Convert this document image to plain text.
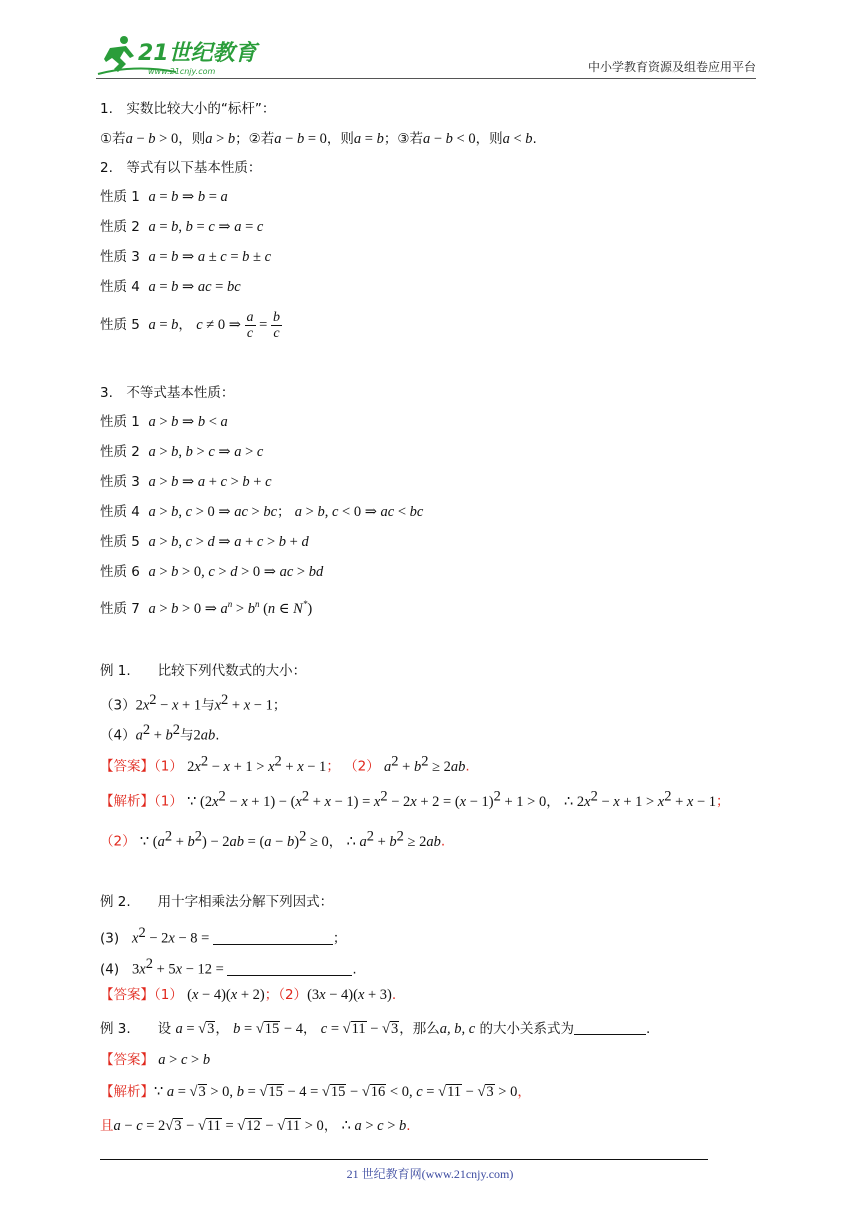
21世纪教育
www.21cnjy.com	中小学教育资源及组卷应用平台
1.　实数比较大小的“标杆”：
①若a − b > 0，则a > b；②若a − b = 0，则a = b；③若a − b < 0，则a < b.
2.　等式有以下基本性质：
性质 1 a = b ⇒ b = a
性质 2 a = b, b = c ⇒ a = c
性质 3 a = b ⇒ a ± c = b ± c
性质 4 a = b ⇒ ac = bc
性质 5 a = b， c ≠ 0 ⇒ $\frac{a}{c} = \frac{b}{c}$
3.　不等式基本性质：
性质 1 a > b ⇒ b < a
性质 2 a > b, b > c ⇒ a > c
性质 3 a > b ⇒ a + c > b + c
性质 4 a > b, c > 0 ⇒ ac > bc； a > b, c < 0 ⇒ ac < bc
性质 5 a > b, c > d ⇒ a + c > b + d
性质 6 a > b > 0, c > d > 0 ⇒ ac > bd
性质 7 a > b > 0 ⇒ $a^n > b^n$ (n ∈ N*)
例 1.　　比较下列代数式的大小：
$(3)2x^2 - x + 1$与$x^2 + x - 1$；
$(4)a^2 + b^2$与2ab.
【答案】（1） $2x^2 - x + 1 > x^2 + x - 1$； （2） $a^2 + b^2 \ge 2ab$.
【解析】（1） ∵ $(2x^2 - x + 1) - (x^2 + x - 1) = x^2 - 2x + 2 = (x - 1)^2 + 1 > 0$， ∴ $2x^2 - x + 1 > x^2 + x - 1$；
（2） ∵ $(a^2 + b^2) - 2ab = (a - b)^2 \ge 0$， ∴ $a^2 + b^2 \ge 2ab$.
例 2.　　用十字相乘法分解下列因式：
(3) $x^2 - 2x - 8$ =	；
(4) $3x^2 + 5x - 12$ =	.
【答案】（1） (x − 4)(x + 2)；（2）(3x − 4)(x + 3).
例 3.　　设 a = √3， b = √15 − 4， c = √11 − √3，那么a, b, c 的大小关系式为	.
【答案】 a > c > b
【解析】∵ a = √3 > 0, b = √15 − 4 = √15 − √16 < 0, c = √11 − √3 > 0，
且a − c = 2√3 − √11 = √12 − √11 > 0， ∴ a > c > b.
21 世纪教育网(www.21cnjy.com)
